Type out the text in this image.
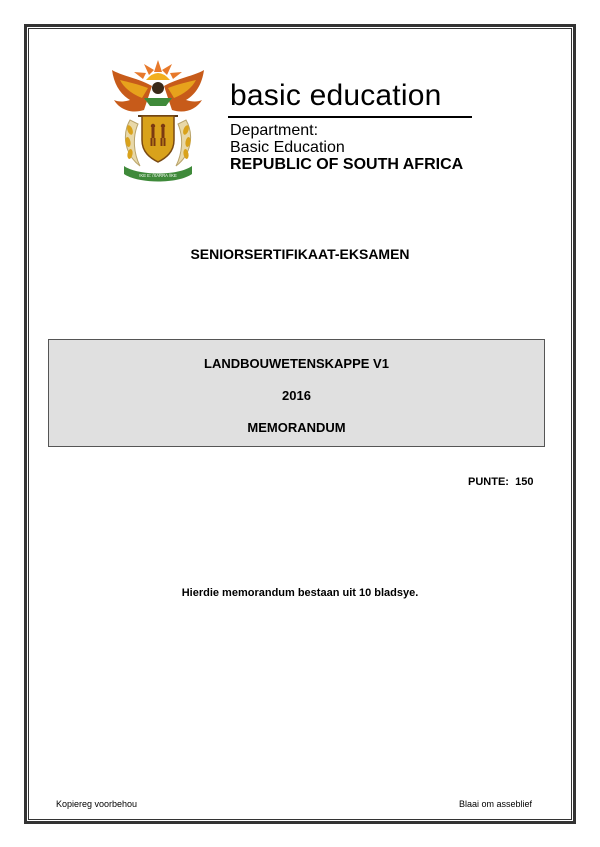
!KE E: /XARRA //KE
basic education
Department:
Basic Education
REPUBLIC OF SOUTH AFRICA
SENIORSERTIFIKAAT-EKSAMEN
LANDBOUWETENSKAPPE V1
2016
MEMORANDUM
PUNTE: 150
Hierdie memorandum bestaan uit 10 bladsye.
Kopiereg voorbehou	Blaai om asseblief
